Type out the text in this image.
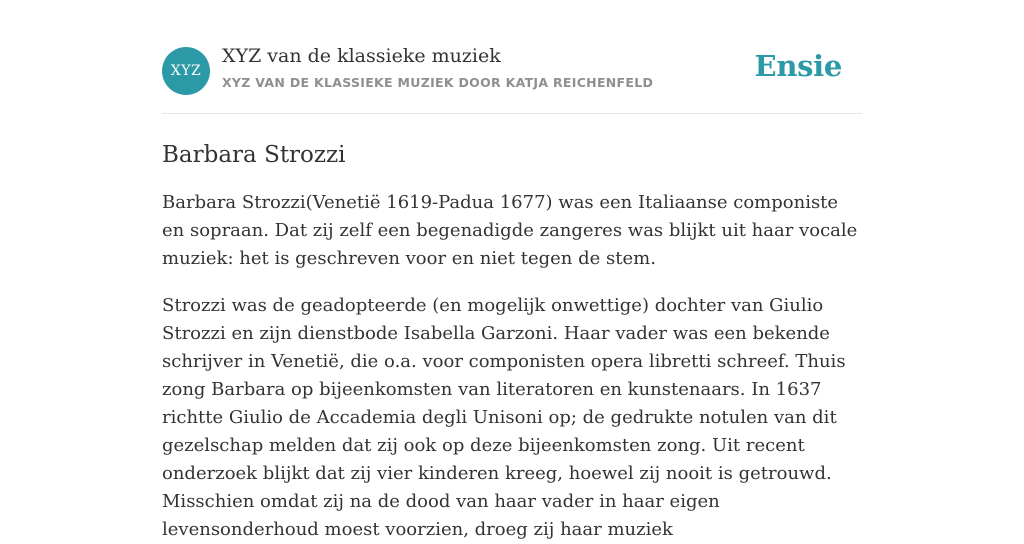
XYZ
XYZ van de klassieke muziek
XYZ VAN DE KLASSIEKE MUZIEK DOOR KATJA REICHENFELD	Ensie
Barbara Strozzi

Barbara Strozzi(Venetië 1619-Padua 1677) was een Italiaanse componiste en sopraan. Dat zij zelf een begenadigde zangeres was blijkt uit haar vocale muziek: het is geschreven voor en niet tegen de stem.

Strozzi was de geadopteerde (en mogelijk onwettige) dochter van Giulio Strozzi en zijn dienstbode Isabella Garzoni. Haar vader was een bekende schrijver in Venetië, die o.a. voor componisten opera libretti schreef. Thuis zong Barbara op bijeenkomsten van literatoren en kunstenaars. In 1637 richtte Giulio de Accademia degli Unisoni op; de gedrukte notulen van dit gezelschap melden dat zij ook op deze bijeenkomsten zong. Uit recent onderzoek blijkt dat zij vier kinderen kreeg, hoewel zij nooit is getrouwd. Misschien omdat zij na de dood van haar vader in haar eigen levensonderhoud moest voorzien, droeg zij haar muziek
